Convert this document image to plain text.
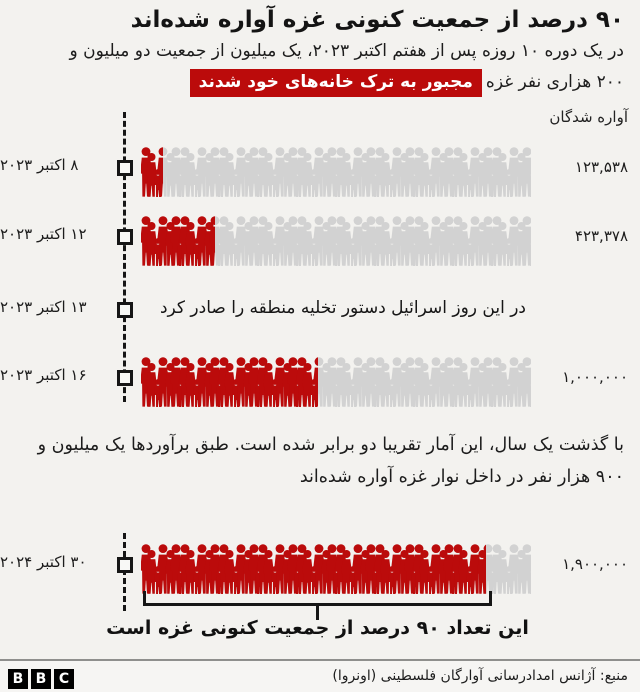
۹۰ درصد از جمعیت کنونی غزه آواره شده‌اند
در یک دوره ۱۰ روزه پس از هفتم اکتبر ۲۰۲۳، یک میلیون از جمعیت دو میلیون و
۲۰۰ هزاری نفر غزهمجبور به ترک خانه‌های خود شدند
آواره شدگان
۸ اکتبر ۲۰۲۳	۱۲۳,۵۳۸
۱۲ اکتبر ۲۰۲۳	۴۲۳,۳۷۸
۱۳ اکتبر ۲۰۲۳	در این روز اسرائیل دستور تخلیه منطقه را صادر کرد
۱۶ اکتبر ۲۰۲۳	۱,۰۰۰,۰۰۰
۳۰ اکتبر ۲۰۲۴	۱,۹۰۰,۰۰۰
با گذشت یک سال، این آمار تقریبا دو برابر شده است. طبق برآوردها یک میلیون و ۹۰۰ هزار نفر در داخل نوار غزه آواره شده‌اند
این تعداد ۹۰ درصد از جمعیت کنونی غزه است
B B C	منبع: آژانس امدادرسانی آوارگان فلسطینی (اونروا)
